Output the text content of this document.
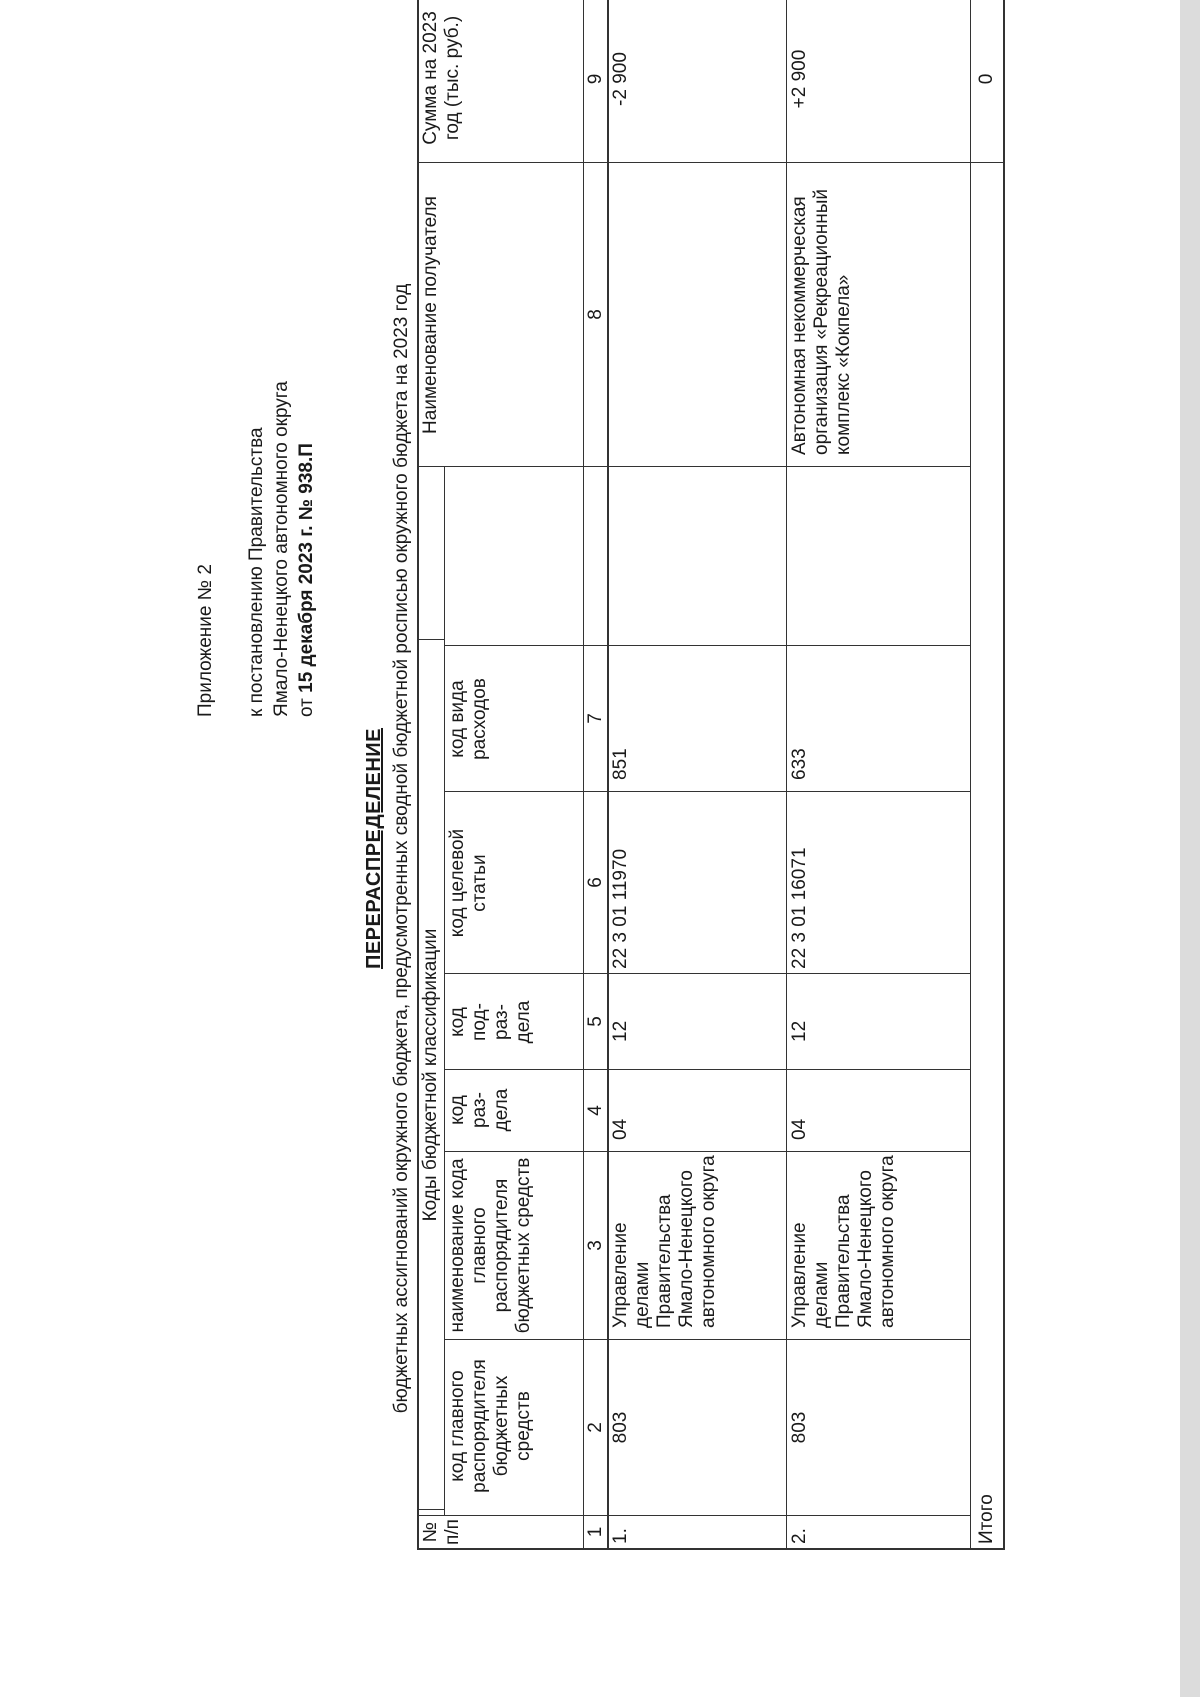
Приложение № 2 к постановлению Правительства Ямало-Ненецкого автономного округа от 15 декабря 2023 г. № 938.П
ПЕРЕРАСПРЕДЕЛЕНИЕ бюджетных ассигнований окружного бюджета, предусмотренных сводной бюджетной росписью окружного бюджета на 2023 год
№ п/п
Коды бюджетной классификации
код главного распорядителя бюджетных средств
наименование кода главного распорядителя бюджетных средств
код раз-дела
код под-раз-дела
код целевой статьи
код вида расходов
Наименование получателя
Сумма на 2023 год (тыс. руб.)
1
2
3
4
5
6
7
8
9
1.
803
Управление делами Правительства Ямало-Ненецкого автономного округа
04
12
22 3 01 11970
851
-2 900
2.
803
Управление делами Правительства Ямало-Ненецкого автономного округа
04
12
22 3 01 16071
633
Автономная некоммерческая организация «Рекреационный комплекс «Кокпела»
+2 900
Итого
0
